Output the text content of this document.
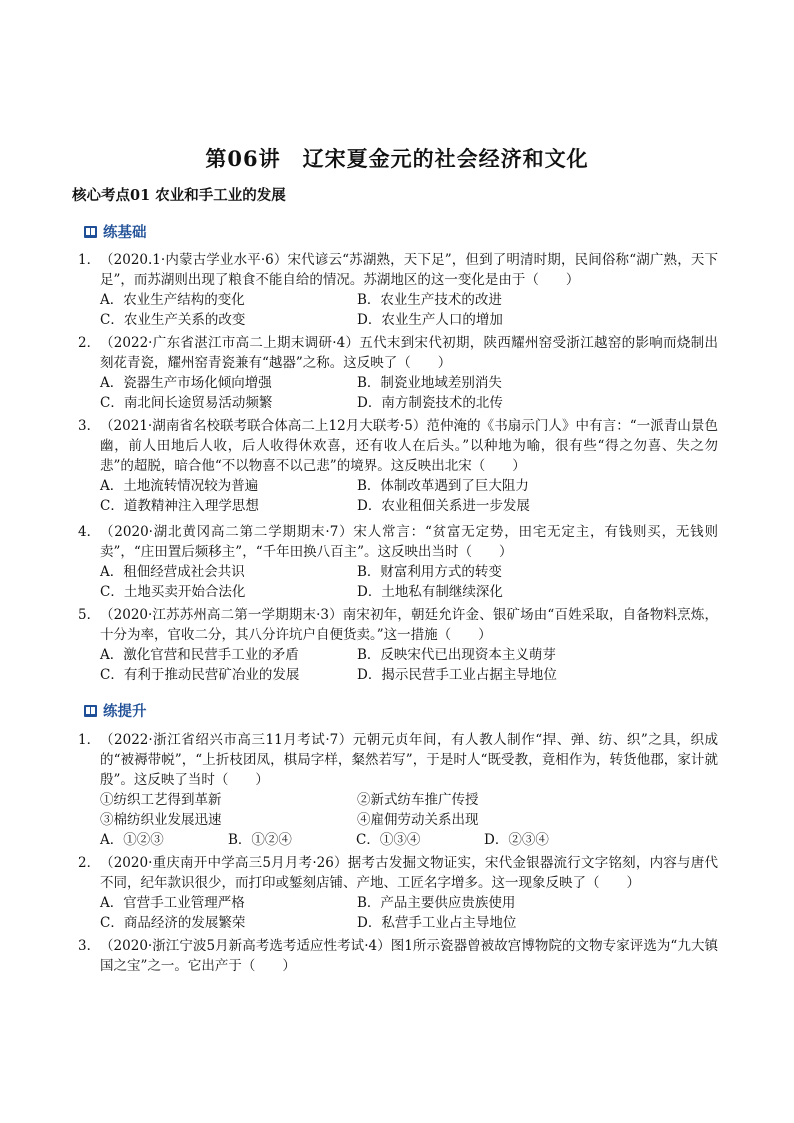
第06讲　辽宋夏金元的社会经济和文化
核心考点01 农业和手工业的发展
练基础
1． （2020.1·内蒙古学业水平·6）宋代谚云“苏湖熟，天下足”，但到了明清时期，民间俗称“湖广熟，天下足”，而苏湖则出现了粮食不能自给的情况。苏湖地区的这一变化是由于（　　）
A．农业生产结构的变化	B．农业生产技术的改进
C．农业生产关系的改变	D．农业生产人口的增加
2． （2022·广东省湛江市高二上期末调研·4）五代末到宋代初期，陕西耀州窑受浙江越窑的影响而烧制出刻花青瓷，耀州窑青瓷兼有“越器”之称。这反映了（　　）
A．瓷器生产市场化倾向增强	B．制瓷业地域差别消失
C．南北间长途贸易活动频繁	D．南方制瓷技术的北传
3． （2021·湖南省名校联考联合体高二上12月大联考·5）范仲淹的《书扇示门人》中有言：“一派青山景色幽，前人田地后人收，后人收得休欢喜，还有收人在后头。”以种地为喻，很有些“得之勿喜、失之勿悲”的超脱，暗合他“不以物喜不以己悲”的境界。这反映出北宋（　　）
A．土地流转情况较为普遍	B．体制改革遇到了巨大阻力
C．道教精神注入理学思想	D．农业租佃关系进一步发展
4． （2020·湖北黄冈高二第二学期期末·7）宋人常言：“贫富无定势，田宅无定主，有钱则买，无钱则卖”，“庄田置后频移主”，“千年田换八百主”。这反映出当时（　　）
A．租佃经营成社会共识	B．财富利用方式的转变
C．土地买卖开始合法化	D．土地私有制继续深化
5． （2020·江苏苏州高二第一学期期末·3）南宋初年，朝廷允许金、银矿场由“百姓采取，自备物料烹炼，十分为率，官收二分，其八分许坑户自便货卖。”这一措施（　　）
A．激化官营和民营手工业的矛盾	B．反映宋代已出现资本主义萌芽
C．有利于推动民营矿冶业的发展	D．揭示民营手工业占据主导地位
练提升
1． （2022·浙江省绍兴市高三11月考试·7）元朝元贞年间，有人教人制作“捍、弹、纺、织”之具，织成的“被褥带帨”，“上折枝团凤，棋局字样，粲然若写”，于是时人“既受教，竟相作为，转货他郡，家计就殷”。这反映了当时（　　）
①纺织工艺得到革新	②新式纺车推广传授
③棉纺织业发展迅速	④雇佣劳动关系出现
A．①②③	B．①②④	C．①③④	D．②③④
2． （2020·重庆南开中学高三5月月考·26）据考古发掘文物证实，宋代金银器流行文字铭刻，内容与唐代不同，纪年款识很少，而打印或錾刻店铺、产地、工匠名字增多。这一现象反映了（　　）
A．官营手工业管理严格	B．产品主要供应贵族使用
C．商品经济的发展繁荣	D．私营手工业占主导地位
3． （2020·浙江宁波5月新高考选考适应性考试·4）图1所示瓷器曾被故宫博物院的文物专家评选为“九大镇国之宝”之一。它出产于（　　）
